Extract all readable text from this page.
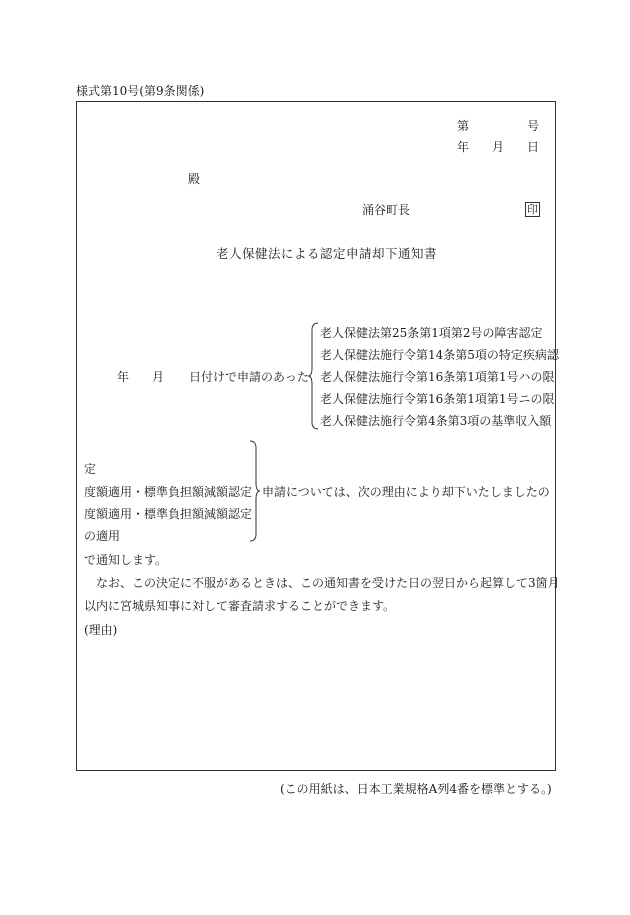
様式第10号(第9条関係)
第	号
年 月 日
殿
涌谷町長	印
老人保健法による認定申請却下通知書
年 月 日付けで申請のあった
老人保健法第25条第1項第2号の障害認定
老人保健法施行令第14条第5項の特定疾病認
老人保健法施行令第16条第1項第1号ハの限
老人保健法施行令第16条第1項第1号ニの限
老人保健法施行令第4条第3項の基準収入額
定
度額適用・標準負担額減額認定
度額適用・標準負担額減額認定
の適用
申請については、次の理由により却下いたしましたの
で通知します。
なお、この決定に不服があるときは、この通知書を受けた日の翌日から起算して3箇月
以内に宮城県知事に対して審査請求することができます。
(理由)
(この用紙は、日本工業規格A列4番を標準とする。)
